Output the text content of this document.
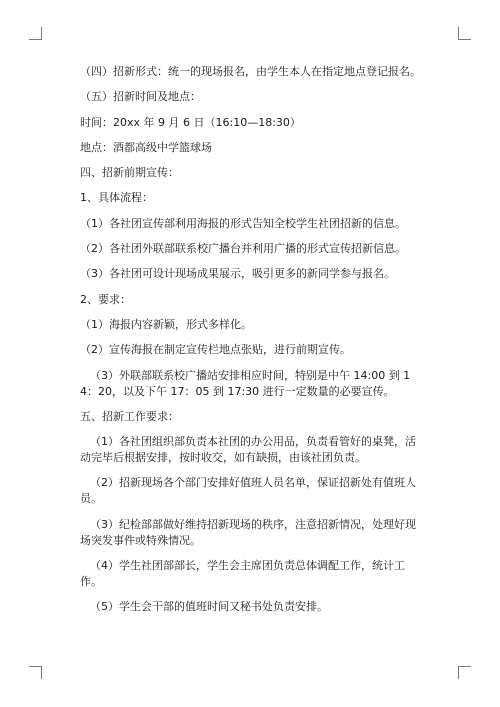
（四）招新形式：统一的现场报名，由学生本人在指定地点登记报名。

（五）招新时间及地点：

时间：20xx 年 9 月 6 日（16:10—18:30）

地点：酒都高级中学篮球场

四、招新前期宣传：

1、具体流程：

（1）各社团宣传部利用海报的形式告知全校学生社团招新的信息。

（2）各社团外联部联系校广播台并利用广播的形式宣传招新信息。

（3）各社团可设计现场成果展示，吸引更多的新同学参与报名。

2、要求：

（1）海报内容新颖，形式多样化。

（2）宣传海报在制定宣传栏地点张贴，进行前期宣传。

（3）外联部联系校广播站安排相应时间，特别是中午 14:00 到 14：20，以及下午 17：05 到 17:30 进行一定数量的必要宣传。

五、招新工作要求：

（1）各社团组织部负责本社团的办公用品，负责看管好的桌凳，活动完毕后根据安排，按时收交，如有缺损，由该社团负责。

（2）招新现场各个部门安排好值班人员名单，保证招新处有值班人员。

（3）纪检部部做好维持招新现场的秩序，注意招新情况，处理好现场突发事件或特殊情况。

（4）学生社团部部长，学生会主席团负责总体调配工作，统计工作。

（5）学生会干部的值班时间又秘书处负责安排。
